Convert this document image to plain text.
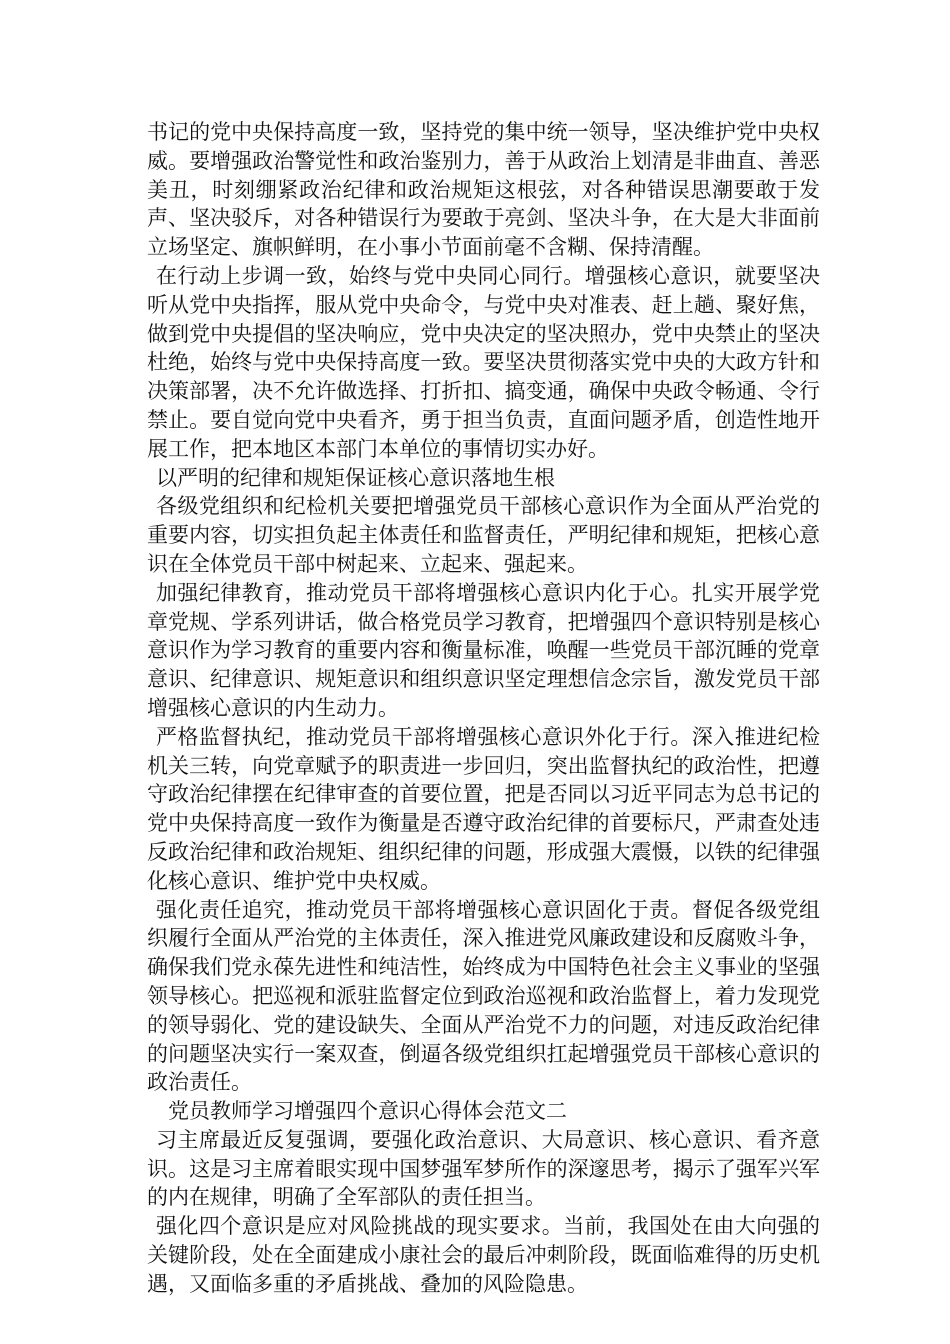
书记的党中央保持高度一致，坚持党的集中统一领导，坚决维护党中央权威。要增强政治警觉性和政治鉴别力，善于从政治上划清是非曲直、善恶美丑，时刻绷紧政治纪律和政治规矩这根弦，对各种错误思潮要敢于发声、坚决驳斥，对各种错误行为要敢于亮剑、坚决斗争，在大是大非面前立场坚定、旗帜鲜明，在小事小节面前毫不含糊、保持清醒。

在行动上步调一致，始终与党中央同心同行。增强核心意识，就要坚决听从党中央指挥，服从党中央命令，与党中央对准表、赶上趟、聚好焦，做到党中央提倡的坚决响应，党中央决定的坚决照办，党中央禁止的坚决杜绝，始终与党中央保持高度一致。要坚决贯彻落实党中央的大政方针和决策部署，决不允许做选择、打折扣、搞变通，确保中央政令畅通、令行禁止。要自觉向党中央看齐，勇于担当负责，直面问题矛盾，创造性地开展工作，把本地区本部门本单位的事情切实办好。

以严明的纪律和规矩保证核心意识落地生根

各级党组织和纪检机关要把增强党员干部核心意识作为全面从严治党的重要内容，切实担负起主体责任和监督责任，严明纪律和规矩，把核心意识在全体党员干部中树起来、立起来、强起来。

加强纪律教育，推动党员干部将增强核心意识内化于心。扎实开展学党章党规、学系列讲话，做合格党员学习教育，把增强四个意识特别是核心意识作为学习教育的重要内容和衡量标准，唤醒一些党员干部沉睡的党章意识、纪律意识、规矩意识和组织意识坚定理想信念宗旨，激发党员干部增强核心意识的内生动力。

严格监督执纪，推动党员干部将增强核心意识外化于行。深入推进纪检机关三转，向党章赋予的职责进一步回归，突出监督执纪的政治性，把遵守政治纪律摆在纪律审查的首要位置，把是否同以习近平同志为总书记的党中央保持高度一致作为衡量是否遵守政治纪律的首要标尺，严肃查处违反政治纪律和政治规矩、组织纪律的问题，形成强大震慑，以铁的纪律强化核心意识、维护党中央权威。

强化责任追究，推动党员干部将增强核心意识固化于责。督促各级党组织履行全面从严治党的主体责任，深入推进党风廉政建设和反腐败斗争，确保我们党永葆先进性和纯洁性，始终成为中国特色社会主义事业的坚强领导核心。把巡视和派驻监督定位到政治巡视和政治监督上，着力发现党的领导弱化、党的建设缺失、全面从严治党不力的问题，对违反政治纪律的问题坚决实行一案双查，倒逼各级党组织扛起增强党员干部核心意识的政治责任。

党员教师学习增强四个意识心得体会范文二

习主席最近反复强调，要强化政治意识、大局意识、核心意识、看齐意识。这是习主席着眼实现中国梦强军梦所作的深邃思考，揭示了强军兴军的内在规律，明确了全军部队的责任担当。

强化四个意识是应对风险挑战的现实要求。当前，我国处在由大向强的关键阶段，处在全面建成小康社会的最后冲刺阶段，既面临难得的历史机遇，又面临多重的矛盾挑战、叠加的风险隐患。
